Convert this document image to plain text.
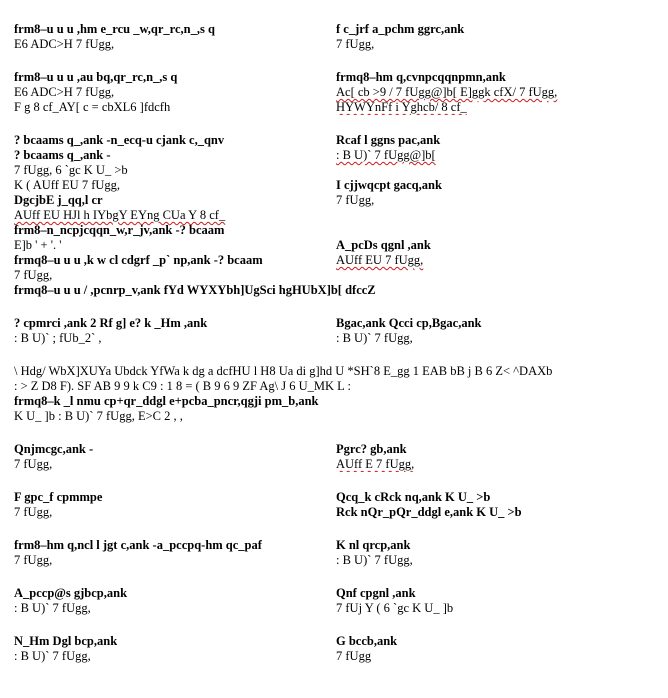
frm8–u u u ,hm e_rcu _w,qr_rc,n_,s q
E6 ADC>H 7 fUgg,
f c_jrf a_pchm ggrc,ank
7 fUgg,
frm8–u u u ,au bq,qr_rc,n_,s q
E6 ADC>H 7 fUgg,
F g 8 cf_AY[ c = cbXL6 ]fdcfh
frmq8–hm q,cvnpcqqnpmn,ank
Ac[ cb >9 / 7 fUgg@]b[ E]ggk cfX/ 7 fUgg,
HYWYnFf i Yghcb/ 8 cf_
? bcaams q_,ank -n_ecq-u cjank c,_qnv
? bcaams q_,ank -
7 fUgg, 6 `gc K U_ >b
K ( AUff EU 7 fUgg,
DgcjbE j_qq,l cr
AUff EU HJl h IYbgY EYng CUa Y 8 cf_
frm8–n_ncpjcqqn_w,r_jv,ank -? bcaam
E]b ' + '. '
frmq8–u u u ,k w cl cdgrf _p` np,ank -? bcaam
7 fUgg,
Rcaf l ggns pac,ank
: B U)` 7 fUgg@]b[

I cjjwqcpt gacq,ank
7 fUgg,

A_pcDs qgnl ,ank
AUff EU 7 fUgg,
frmq8–u u u / ,pcnrp_v,ank fYd WYXYbh]UgSci hgHUbX]b[ dfccZ
? cpmrci ,ank 2 Rf g] e? k _Hm ,ank
: B U)` ; fUb_2` ,
Bgac,ank Qcci cp,Bgac,ank
: B U)` 7 fUgg,
\ Hdg/ WbX]XUYa Ubdck YfWa k dg a dcfHU l H8 Ua di g]hd U *SH`8 E_gg 1 EAB bB j B 6 Z< ^DAXb
: > Z D8 F). SF AB 9 9 k C9 : 1 8 = ( B 9 6 9 ZF Ag\ J 6 U_MK L :
frmq8–k _l nmu cp+qr_ddgl e+pcba_pncr,qgji pm_b,ank
K U_ ]b : B U)` 7 fUgg, E>C 2 , ,
Qnjmcgc,ank -
7 fUgg,
Pgrc? gb,ank
AUff E 7 fUgg,
F gpc_f cpmmpe
7 fUgg,
Qcq_k cRck nq,ank K U_ >b
Rck nQr_pQr_ddgl e,ank K U_ >b
frm8–hm q,ncl l jgt c,ank -a_pccpq-hm qc_paf
7 fUgg,
K nl qrcp,ank
: B U)` 7 fUgg,
A_pccp@s gjbcp,ank
: B U)` 7 fUgg,
Qnf cpgnl ,ank
7 fUj Y ( 6 `gc K U_ ]b
N_Hm Dgl bcp,ank
: B U)` 7 fUgg,
G bccb,ank
7 fUgg
